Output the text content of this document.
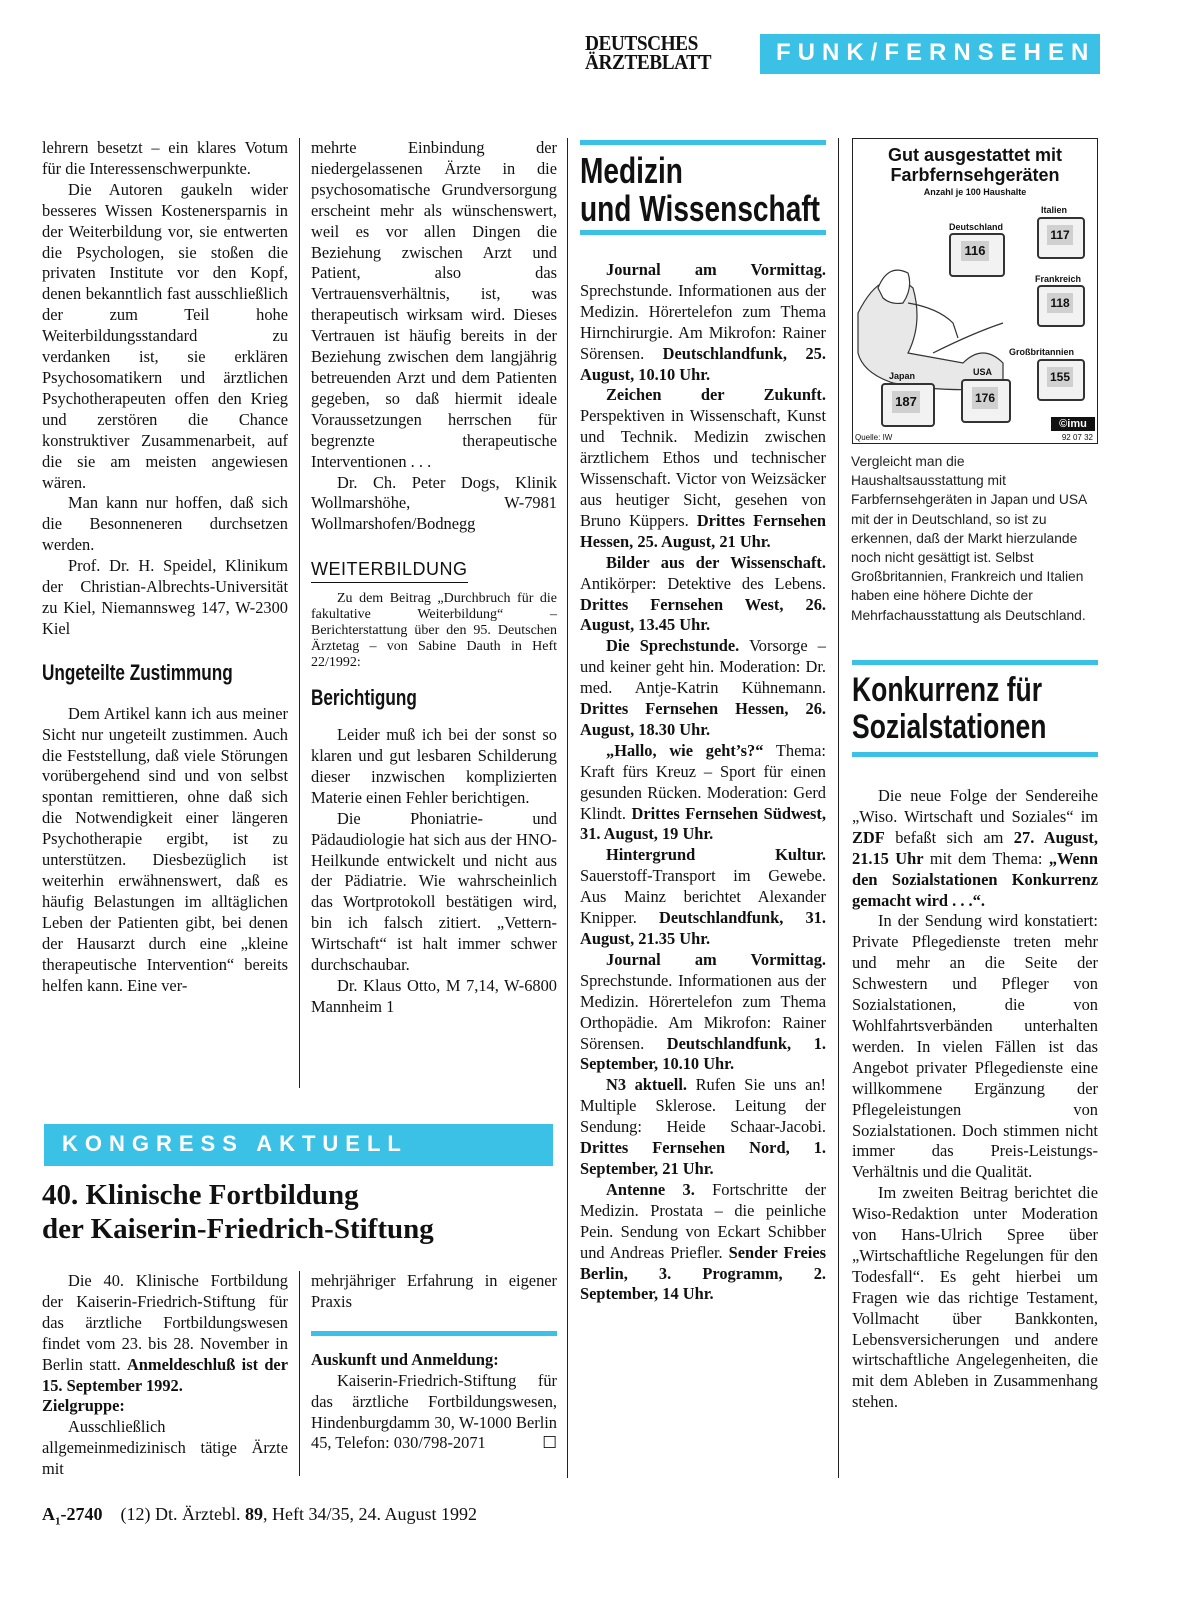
DEUTSCHES
ÄRZTEBLATT	FUNK/FERNSEHEN

lehrern besetzt – ein klares Votum für die Interessenschwerpunkte.

Die Autoren gaukeln wider besseres Wissen Kostenersparnis in der Weiterbildung vor, sie entwerten die Psychologen, sie stoßen die privaten Institute vor den Kopf, denen bekanntlich fast ausschließlich der zum Teil hohe Weiterbildungsstandard zu verdanken ist, sie erklären Psychosomatikern und ärztlichen Psychotherapeuten offen den Krieg und zerstören die Chance konstruktiver Zusammenarbeit, auf die sie am meisten angewiesen wären.

Man kann nur hoffen, daß sich die Besonneneren durchsetzen werden.

Prof. Dr. H. Speidel, Klinikum der Christian-Albrechts-Universität zu Kiel, Niemannsweg 147, W-2300 Kiel

Ungeteilte Zustimmung

Dem Artikel kann ich aus meiner Sicht nur ungeteilt zustimmen. Auch die Feststellung, daß viele Störungen vorübergehend sind und von selbst spontan remittieren, ohne daß sich die Notwendigkeit einer längeren Psychotherapie ergibt, ist zu unterstützen. Diesbezüglich ist weiterhin erwähnenswert, daß es häufig Belastungen im alltäglichen Leben der Patienten gibt, bei denen der Hausarzt durch eine „kleine therapeutische Intervention“ bereits helfen kann. Eine ver-

mehrte Einbindung der niedergelassenen Ärzte in die psychosomatische Grundversorgung erscheint mehr als wünschenswert, weil es vor allen Dingen die Beziehung zwischen Arzt und Patient, also das Vertrauensverhältnis, ist, was therapeutisch wirksam wird. Dieses Vertrauen ist häufig bereits in der Beziehung zwischen dem langjährig betreuenden Arzt und dem Patienten gegeben, so daß hiermit ideale Voraussetzungen herrschen für begrenzte therapeutische Interventionen . . .

Dr. Ch. Peter Dogs, Klinik Wollmarshöhe, W-7981 Wollmarshofen/Bodnegg

WEITERBILDUNG

Zu dem Beitrag „Durchbruch für die fakultative Weiterbildung“ – Berichterstattung über den 95. Deutschen Ärztetag – von Sabine Dauth in Heft 22/1992:

Berichtigung

Leider muß ich bei der sonst so klaren und gut lesbaren Schilderung dieser inzwischen komplizierten Materie einen Fehler berichtigen.

Die Phoniatrie- und Pädaudiologie hat sich aus der HNO-Heilkunde entwickelt und nicht aus der Pädiatrie. Wie wahrscheinlich das Wortprotokoll bestätigen wird, bin ich falsch zitiert. „Vettern-Wirtschaft“ ist halt immer schwer durchschaubar.

Dr. Klaus Otto, M 7,14, W-6800 Mannheim 1

KONGRESS AKTUELL
40. Klinische Fortbildung
der Kaiserin-Friedrich-Stiftung

Die 40. Klinische Fortbildung der Kaiserin-Friedrich-Stiftung für das ärztliche Fortbildungswesen findet vom 23. bis 28. November in Berlin statt. Anmeldeschluß ist der 15. September 1992.

Zielgruppe:

Ausschließlich allgemeinmedizinisch tätige Ärzte mit

mehrjähriger Erfahrung in eigener Praxis

Auskunft und Anmeldung:

Kaiserin-Friedrich-Stiftung für das ärztliche Fortbildungswesen, Hindenburgdamm 30, W-1000 Berlin 45, Telefon: 030/798-2071	☐

Medizin
und Wissenschaft

Journal am Vormittag. Sprechstunde. Informationen aus der Medizin. Hörertelefon zum Thema Hirnchirurgie. Am Mikrofon: Rainer Sörensen. Deutschlandfunk, 25. August, 10.10 Uhr.

Zeichen der Zukunft. Perspektiven in Wissenschaft, Kunst und Technik. Medizin zwischen ärztlichem Ethos und technischer Wissenschaft. Victor von Weizsäcker aus heutiger Sicht, gesehen von Bruno Küppers. Drittes Fernsehen Hessen, 25. August, 21 Uhr.

Bilder aus der Wissenschaft. Antikörper: Detektive des Lebens. Drittes Fernsehen West, 26. August, 13.45 Uhr.

Die Sprechstunde. Vorsorge – und keiner geht hin. Moderation: Dr. med. Antje-Katrin Kühnemann. Drittes Fernsehen Hessen, 26. August, 18.30 Uhr.

„Hallo, wie geht’s?“ Thema: Kraft fürs Kreuz – Sport für einen gesunden Rücken. Moderation: Gerd Klindt. Drittes Fernsehen Südwest, 31. August, 19 Uhr.

Hintergrund Kultur. Sauerstoff-Transport im Gewebe. Aus Mainz berichtet Alexander Knipper. Deutschlandfunk, 31. August, 21.35 Uhr.

Journal am Vormittag. Sprechstunde. Informationen aus der Medizin. Hörertelefon zum Thema Orthopädie. Am Mikrofon: Rainer Sörensen. Deutschlandfunk, 1. September, 10.10 Uhr.

N3 aktuell. Rufen Sie uns an! Multiple Sklerose. Leitung der Sendung: Heide Schaar-Jacobi. Drittes Fernsehen Nord, 1. September, 21 Uhr.

Antenne 3. Fortschritte der Medizin. Prostata – die peinliche Pein. Sendung von Eckart Schibber und Andreas Priefler. Sender Freies Berlin, 3. Programm, 2. September, 14 Uhr.

Gut ausgestattet mit
Farbfernsehgeräten
Anzahl je 100 Haushalte
Deutschland
116
Italien
117
Frankreich
118
Großbritannien
155
Japan
187
USA
176
Quelle: IW
©imu
92 07 32
Vergleicht man die Haushaltsausstattung mit Farbfernsehgeräten in Japan und USA mit der in Deutschland, so ist zu erkennen, daß der Markt hierzulande noch nicht gesättigt ist. Selbst Großbritannien, Frankreich und Italien haben eine höhere Dichte der Mehrfachausstattung als Deutschland.
Konkurrenz für
Sozialstationen

Die neue Folge der Sendereihe „Wiso. Wirtschaft und Soziales“ im ZDF befaßt sich am 27. August, 21.15 Uhr mit dem Thema: „Wenn den Sozialstationen Konkurrenz gemacht wird . . .“.

In der Sendung wird konstatiert: Private Pflegedienste treten mehr und mehr an die Seite der Schwestern und Pfleger von Sozialstationen, die von Wohlfahrtsverbänden unterhalten werden. In vielen Fällen ist das Angebot privater Pflegedienste eine willkommene Ergänzung der Pflegeleistungen von Sozialstationen. Doch stimmen nicht immer das Preis-Leistungs-Verhältnis und die Qualität.

Im zweiten Beitrag berichtet die Wiso-Redaktion unter Moderation von Hans-Ulrich Spree über „Wirtschaftliche Regelungen für den Todesfall“. Es geht hierbei um Fragen wie das richtige Testament, Vollmacht über Bankkonten, Lebensversicherungen und andere wirtschaftliche Angelegenheiten, die mit dem Ableben in Zusammenhang stehen.

$A_1-2740$ (12) Dt. Ärztebl. 89, Heft 34/35, 24. August 1992
